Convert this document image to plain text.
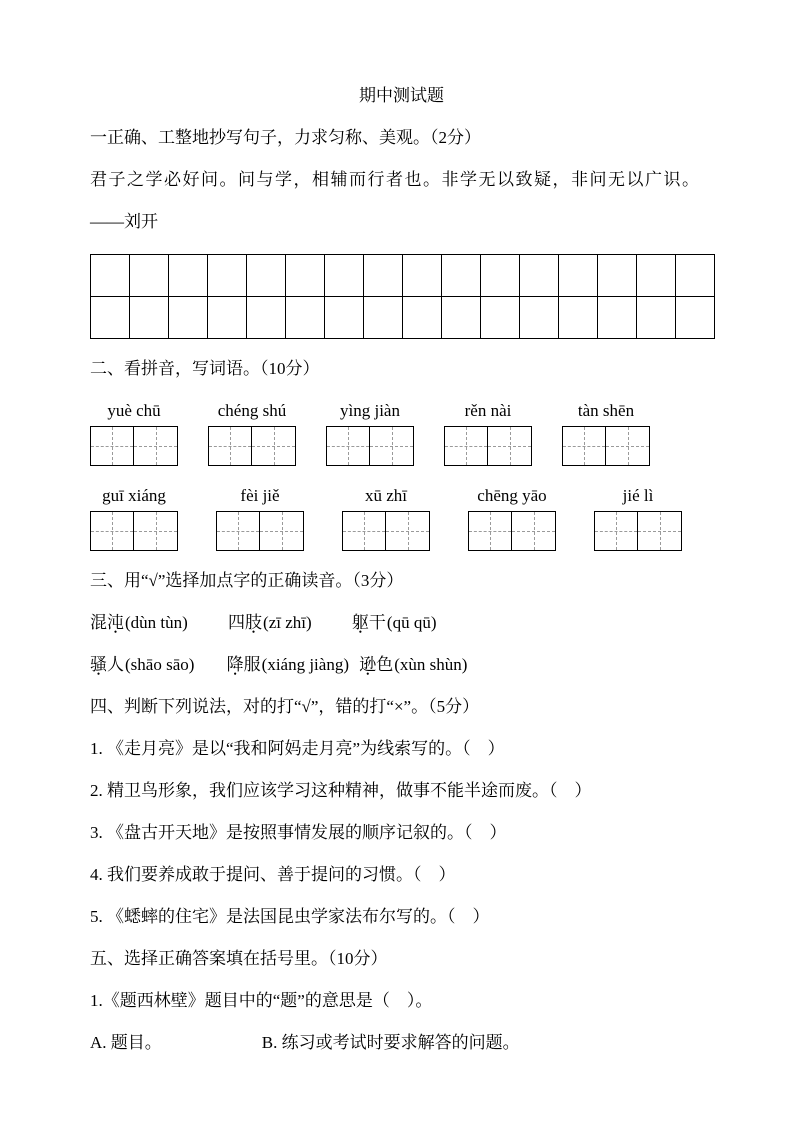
期中测试题

一正确、工整地抄写句子，力求匀称、美观。（2分）

君子之学必好问。问与学，相辅而行者也。非学无以致疑，非问无以广识。

——刘开

二、看拼音，写词语。（10分）

yuè chū	chéng shú	yìng jiàn	rěn nài	tàn shēn
guī xiáng	fèi jiě	xū zhī	chēng yāo	jié lì

三、用“√”选择加点字的正确读音。（3分）

混沌(dùn tùn) 四肢(zī zhī) 躯干(qū qū)

骚人(shāo sāo) 降服(xiáng jiàng) 逊色(xùn shùn)

四、判断下列说法，对的打“√”，错的打“×”。（5分）

1. 《走月亮》是以“我和阿妈走月亮”为线索写的。（　）

2. 精卫鸟形象，我们应该学习这种精神，做事不能半途而废。（　）

3. 《盘古开天地》是按照事情发展的顺序记叙的。（　）

4. 我们要养成敢于提问、善于提问的习惯。（　）

5. 《蟋蟀的住宅》是法国昆虫学家法布尔写的。（　）

五、选择正确答案填在括号里。（10分）

1.《题西林壁》题目中的“题”的意思是（　）。

A. 题目。	B. 练习或考试时要求解答的问题。
